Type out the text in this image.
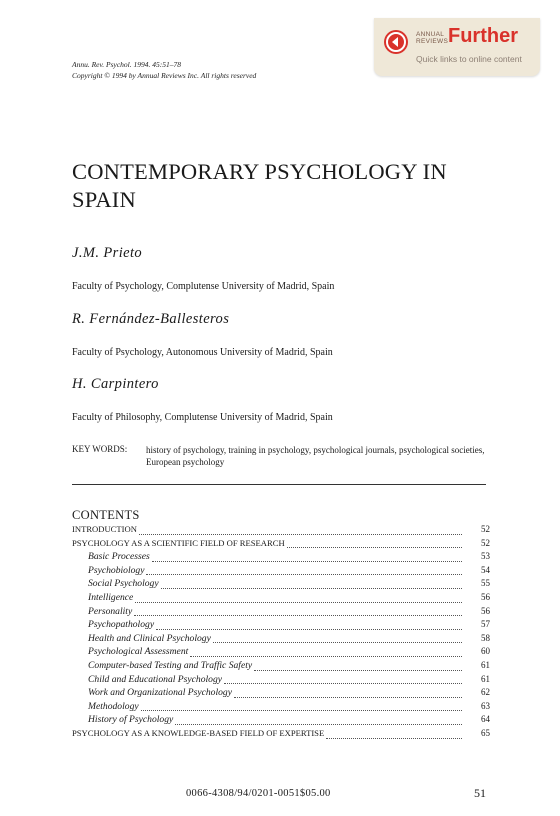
ANNUAL
REVIEWS Further
Quick links to online content
Annu. Rev. Psychol. 1994. 45:51–78
Copyright © 1994 by Annual Reviews Inc. All rights reserved
CONTEMPORARY PSYCHOLOGY IN
SPAIN
J.M. Prieto
Faculty of Psychology, Complutense University of Madrid, Spain
R. Fernández-Ballesteros
Faculty of Psychology, Autonomous University of Madrid, Spain
H. Carpintero
Faculty of Philosophy, Complutense University of Madrid, Spain
KEY WORDS: history of psychology, training in psychology, psychological journals, psychological societies, European psychology
CONTENTS
INTRODUCTION	52
PSYCHOLOGY AS A SCIENTIFIC FIELD OF RESEARCH	52
Basic Processes	53
Psychobiology	54
Social Psychology	55
Intelligence	56
Personality	56
Psychopathology	57
Health and Clinical Psychology	58
Psychological Assessment	60
Computer-based Testing and Traffic Safety	61
Child and Educational Psychology	61
Work and Organizational Psychology	62
Methodology	63
History of Psychology	64
PSYCHOLOGY AS A KNOWLEDGE-BASED FIELD OF EXPERTISE	65
0066-4308/94/0201-0051$05.00	51
